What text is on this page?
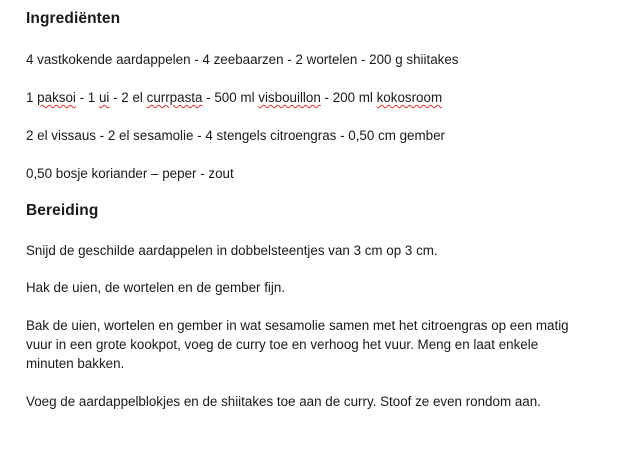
Ingrediënten

4 vastkokende aardappelen - 4 zeebaarzen - 2 wortelen - 200 g shiitakes

1 paksoi - 1 ui - 2 el currpasta - 500 ml visbouillon - 200 ml kokosroom

2 el vissaus - 2 el sesamolie - 4 stengels citroengras - 0,50 cm gember

0,50 bosje koriander – peper - zout

Bereiding

Snijd de geschilde aardappelen in dobbelsteentjes van 3 cm op 3 cm.

Hak de uien, de wortelen en de gember fijn.

Bak de uien, wortelen en gember in wat sesamolie samen met het citroengras op een matig

vuur in een grote kookpot, voeg de curry toe en verhoog het vuur. Meng en laat enkele

minuten bakken.

Voeg de aardappelblokjes en de shiitakes toe aan de curry. Stoof ze even rondom aan.
